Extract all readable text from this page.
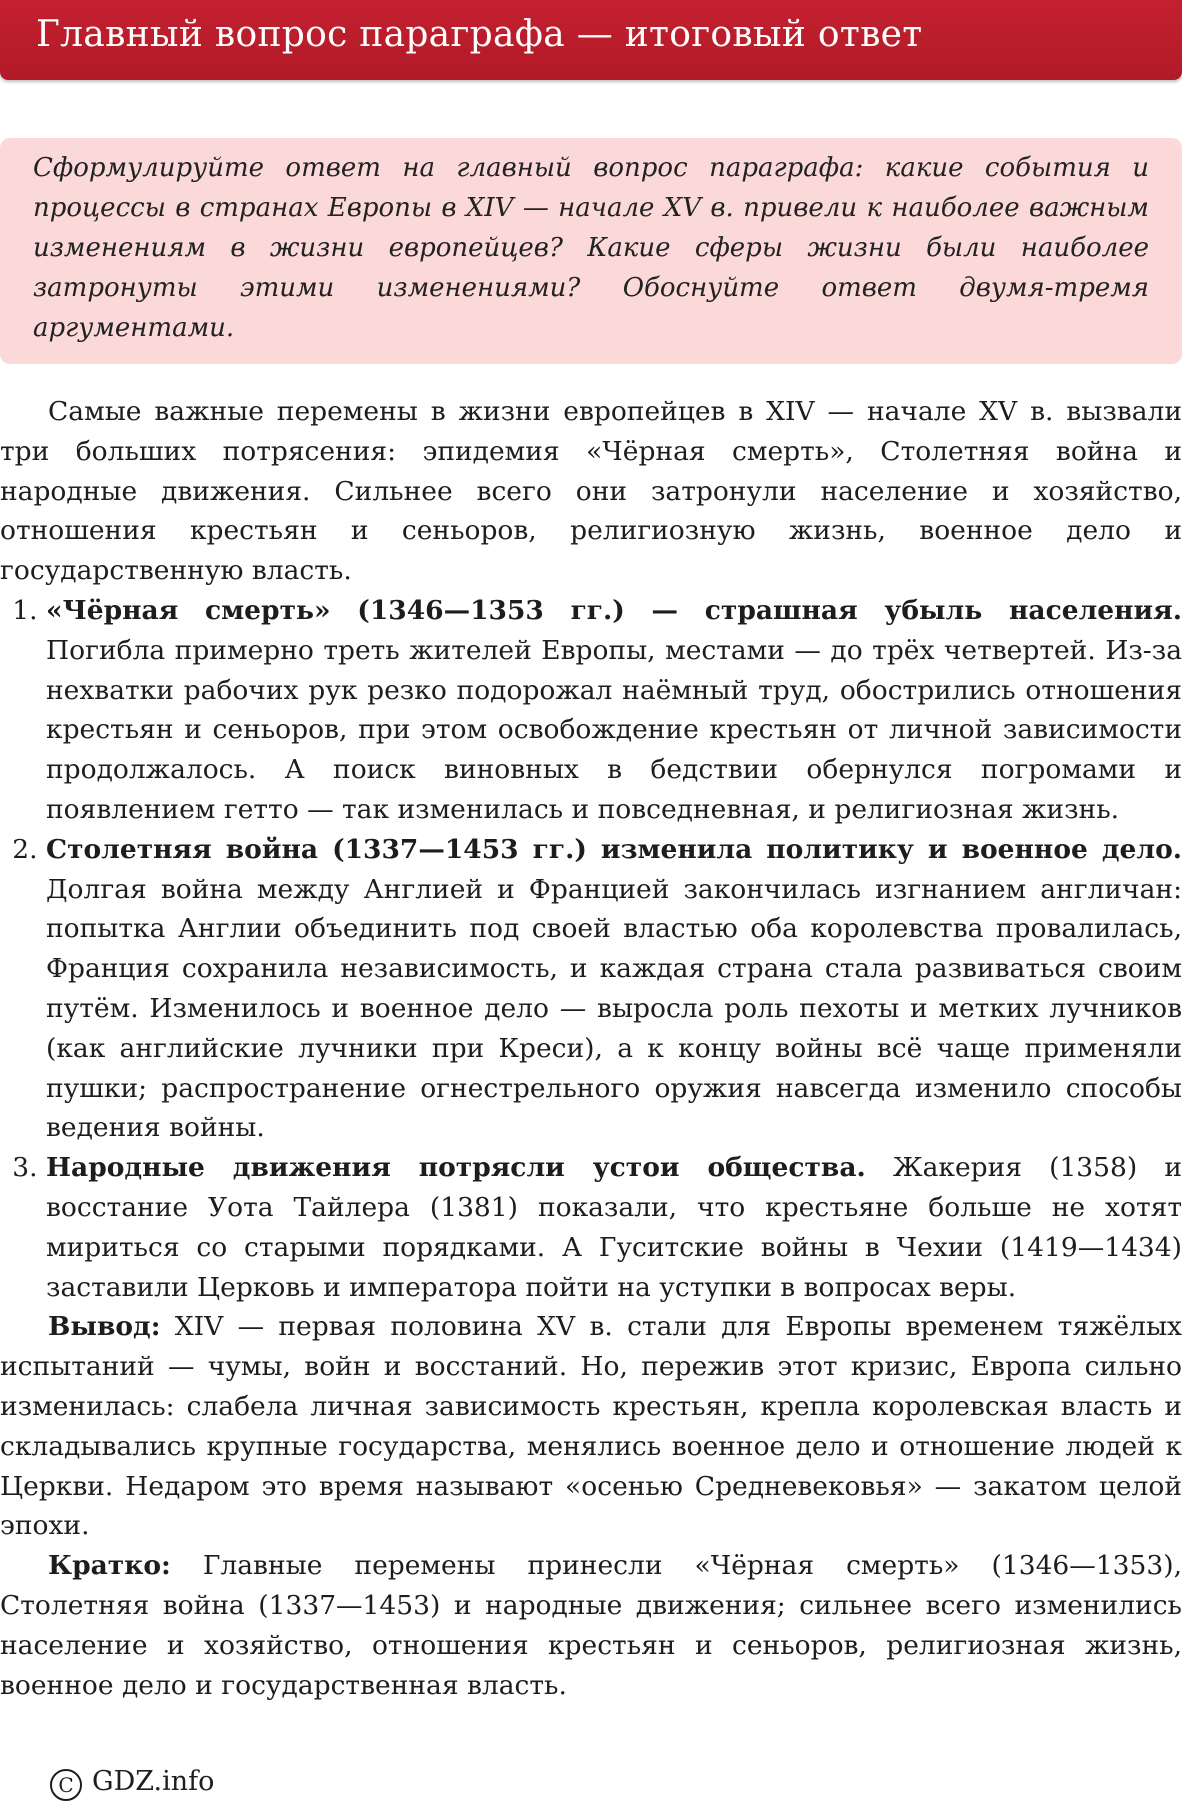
Главный вопрос параграфа — итоговый ответ
Сформулируйте ответ на главный вопрос параграфа: какие события и процессы в странах Европы в XIV — начале XV в. привели к наиболее важным изменениям в жизни европейцев? Какие сферы жизни были наиболее затронуты этими изменениями? Обоснуйте ответ двумя-тремя аргументами.

Самые важные перемены в жизни европейцев в XIV — начале XV в. вызвали три больших потрясения: эпидемия «Чёрная смерть», Столетняя война и народные движения. Сильнее всего они затронули население и хозяйство, отношения крестьян и сеньоров, религиозную жизнь, военное дело и государственную власть.

1. «Чёрная смерть» (1346—1353 гг.) — страшная убыль населения. Погибла примерно треть жителей Европы, местами — до трёх четвертей. Из-за нехватки рабочих рук резко подорожал наёмный труд, обострились отношения крестьян и сеньоров, при этом освобождение крестьян от личной зависимости продолжалось. А поиск виновных в бедствии обернулся погромами и появлением гетто — так изменилась и повседневная, и религиозная жизнь.
2. Столетняя война (1337—1453 гг.) изменила политику и военное дело. Долгая война между Англией и Францией закончилась изгнанием англичан: попытка Англии объединить под своей властью оба королевства провалилась, Франция сохранила независимость, и каждая страна стала развиваться своим путём. Изменилось и военное дело — выросла роль пехоты и метких лучников (как английские лучники при Креси), а к концу войны всё чаще применяли пушки; распространение огнестрельного оружия навсегда изменило способы ведения войны.
3. Народные движения потрясли устои общества. Жакерия (1358) и восстание Уота Тайлера (1381) показали, что крестьяне больше не хотят мириться со старыми порядками. А Гуситские войны в Чехии (1419—1434) заставили Церковь и императора пойти на уступки в вопросах веры.

Вывод: XIV — первая половина XV в. стали для Европы временем тяжёлых испытаний — чумы, войн и восстаний. Но, пережив этот кризис, Европа сильно изменилась: слабела личная зависимость крестьян, крепла королевская власть и складывались крупные государства, менялись военное дело и отношение людей к Церкви. Недаром это время называют «осенью Средневековья» — закатом целой эпохи.

Кратко: Главные перемены принесли «Чёрная смерть» (1346—1353), Столетняя война (1337—1453) и народные движения; сильнее всего изменились население и хозяйство, отношения крестьян и сеньоров, религиозная жизнь, военное дело и государственная власть.

C GDZ.info
